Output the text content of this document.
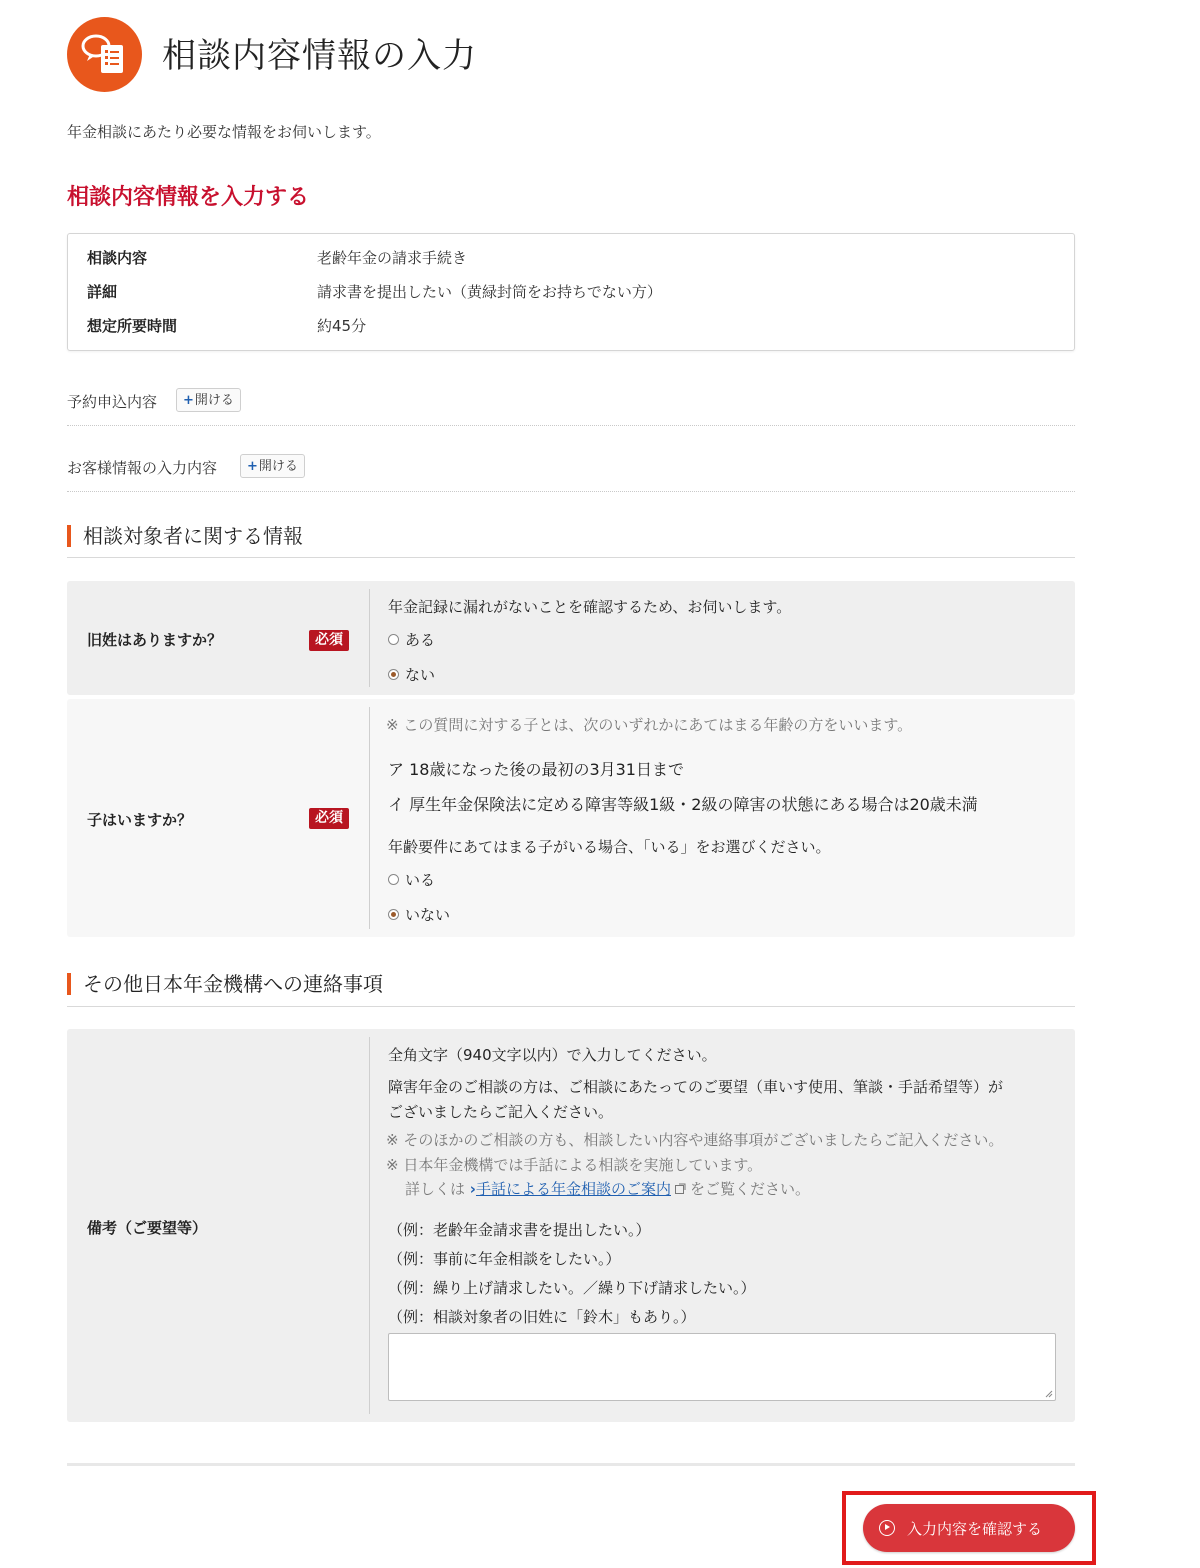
相談内容情報の入力
年金相談にあたり必要な情報をお伺いします。
相談内容情報を入力する
相談内容	老齢年金の請求手続き
詳細	請求書を提出したい（黄緑封筒をお持ちでない方）
想定所要時間	約45分
予約申込内容	+開ける
お客様情報の入力内容	+開ける
相談対象者に関する情報
旧姓はありますか？	必須
年金記録に漏れがないことを確認するため、お伺いします。
ある
ない
子はいますか？	必須
※ この質問に対する子とは、次のいずれかにあてはまる年齢の方をいいます。
ア 18歳になった後の最初の3月31日まで
イ 厚生年金保険法に定める障害等級1級・2級の障害の状態にある場合は20歳未満
年齢要件にあてはまる子がいる場合、「いる」をお選びください。
いる
いない
その他日本年金機構への連絡事項
備考（ご要望等）
全角文字（940文字以内）で入力してください。
障害年金のご相談の方は、ご相談にあたってのご要望（車いす使用、筆談・手話希望等）が
ございましたらご記入ください。
※ そのほかのご相談の方も、相談したい内容や連絡事項がございましたらご記入ください。
※ 日本年金機構では手話による相談を実施しています。
詳しくは ›手話による年金相談のご案内 をご覧ください。
（例：老齢年金請求書を提出したい。）
（例：事前に年金相談をしたい。）
（例：繰り上げ請求したい。／繰り下げ請求したい。）
（例：相談対象者の旧姓に「鈴木」もあり。）
入力内容を確認する
